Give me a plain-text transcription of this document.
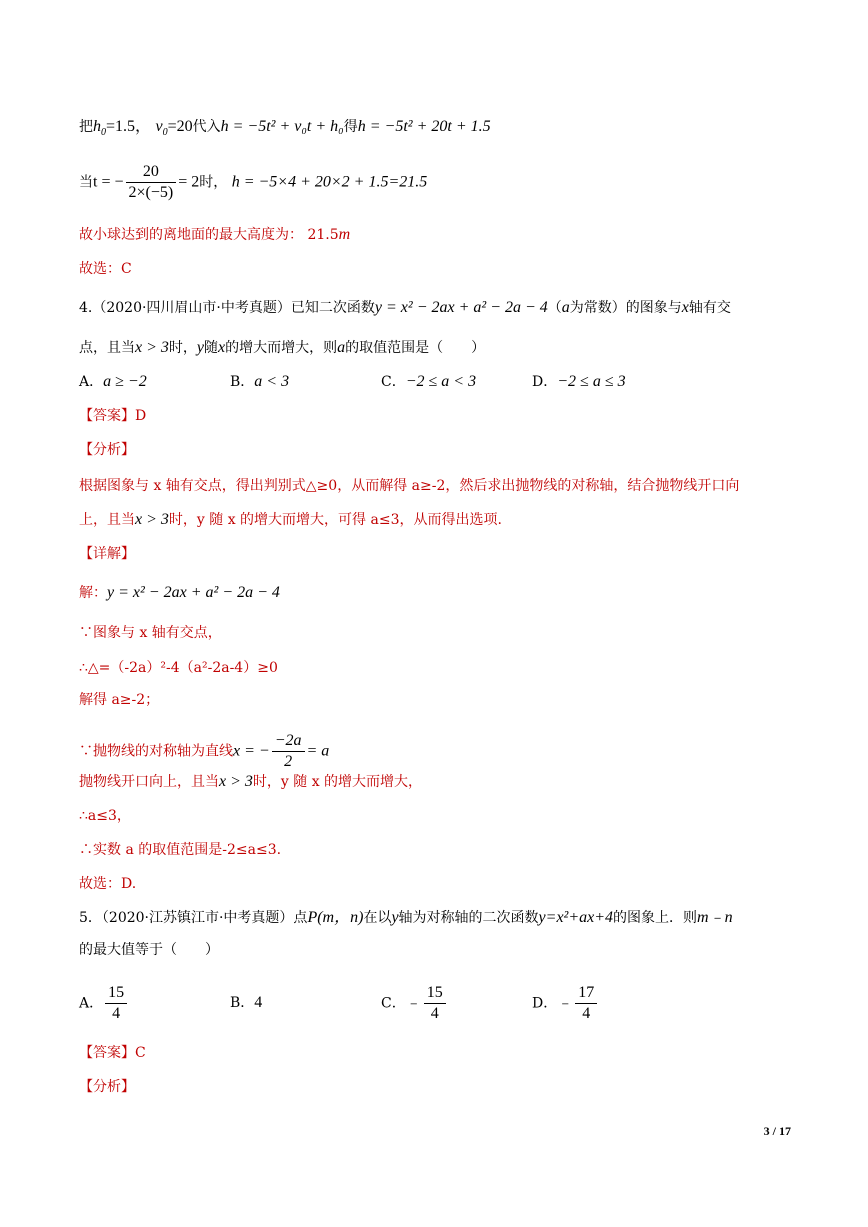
把$h_0=1.5$， $v_0=20$代入h = −5t² + v₀t + h₀得h = −5t² + 20t + 1.5
当t = − $\frac{20}{2\times(-5)} = 2$时， h = −5×4 + 20×2 + 1.5=21.5
故小球达到的离地面的最大高度为： 21.5m
故选：C
4.（2020·四川眉山市·中考真题）已知二次函数y = x² − 2ax + a² − 2a − 4（a为常数）的图象与x轴有交
点，且当x > 3时，y随x的增大而增大，则a的取值范围是（　　）
A．a ≥ −2	B．a < 3	C．−2 ≤ a < 3	D．−2 ≤ a ≤ 3
【答案】D
【分析】
根据图象与 x 轴有交点，得出判别式△≥0，从而解得 a≥-2，然后求出抛物线的对称轴，结合抛物线开口向
上，且当x > 3时，y 随 x 的增大而增大，可得 a≤3，从而得出选项.
【详解】
解：y = x² − 2ax + a² − 2a − 4
∵图象与 x 轴有交点，
∴△=（-2a）²-4（a²-2a-4）≥0
解得 a≥-2；
∵抛物线的对称轴为直线x = − $\frac{-2a}{2} = a$
抛物线开口向上，且当x > 3时，y 随 x 的增大而增大，
∴a≤3，
∴实数 a 的取值范围是-2≤a≤3.
故选：D.
5．（2020·江苏镇江市·中考真题）点P(m，n)在以y轴为对称轴的二次函数y=x²+ax+4的图象上．则m﹣n
的最大值等于（　　）
A． $\frac{15}{4}$	B．4	C．﹣ $\frac{15}{4}$	D．﹣ $\frac{17}{4}$
【答案】C
【分析】
3 / 17
